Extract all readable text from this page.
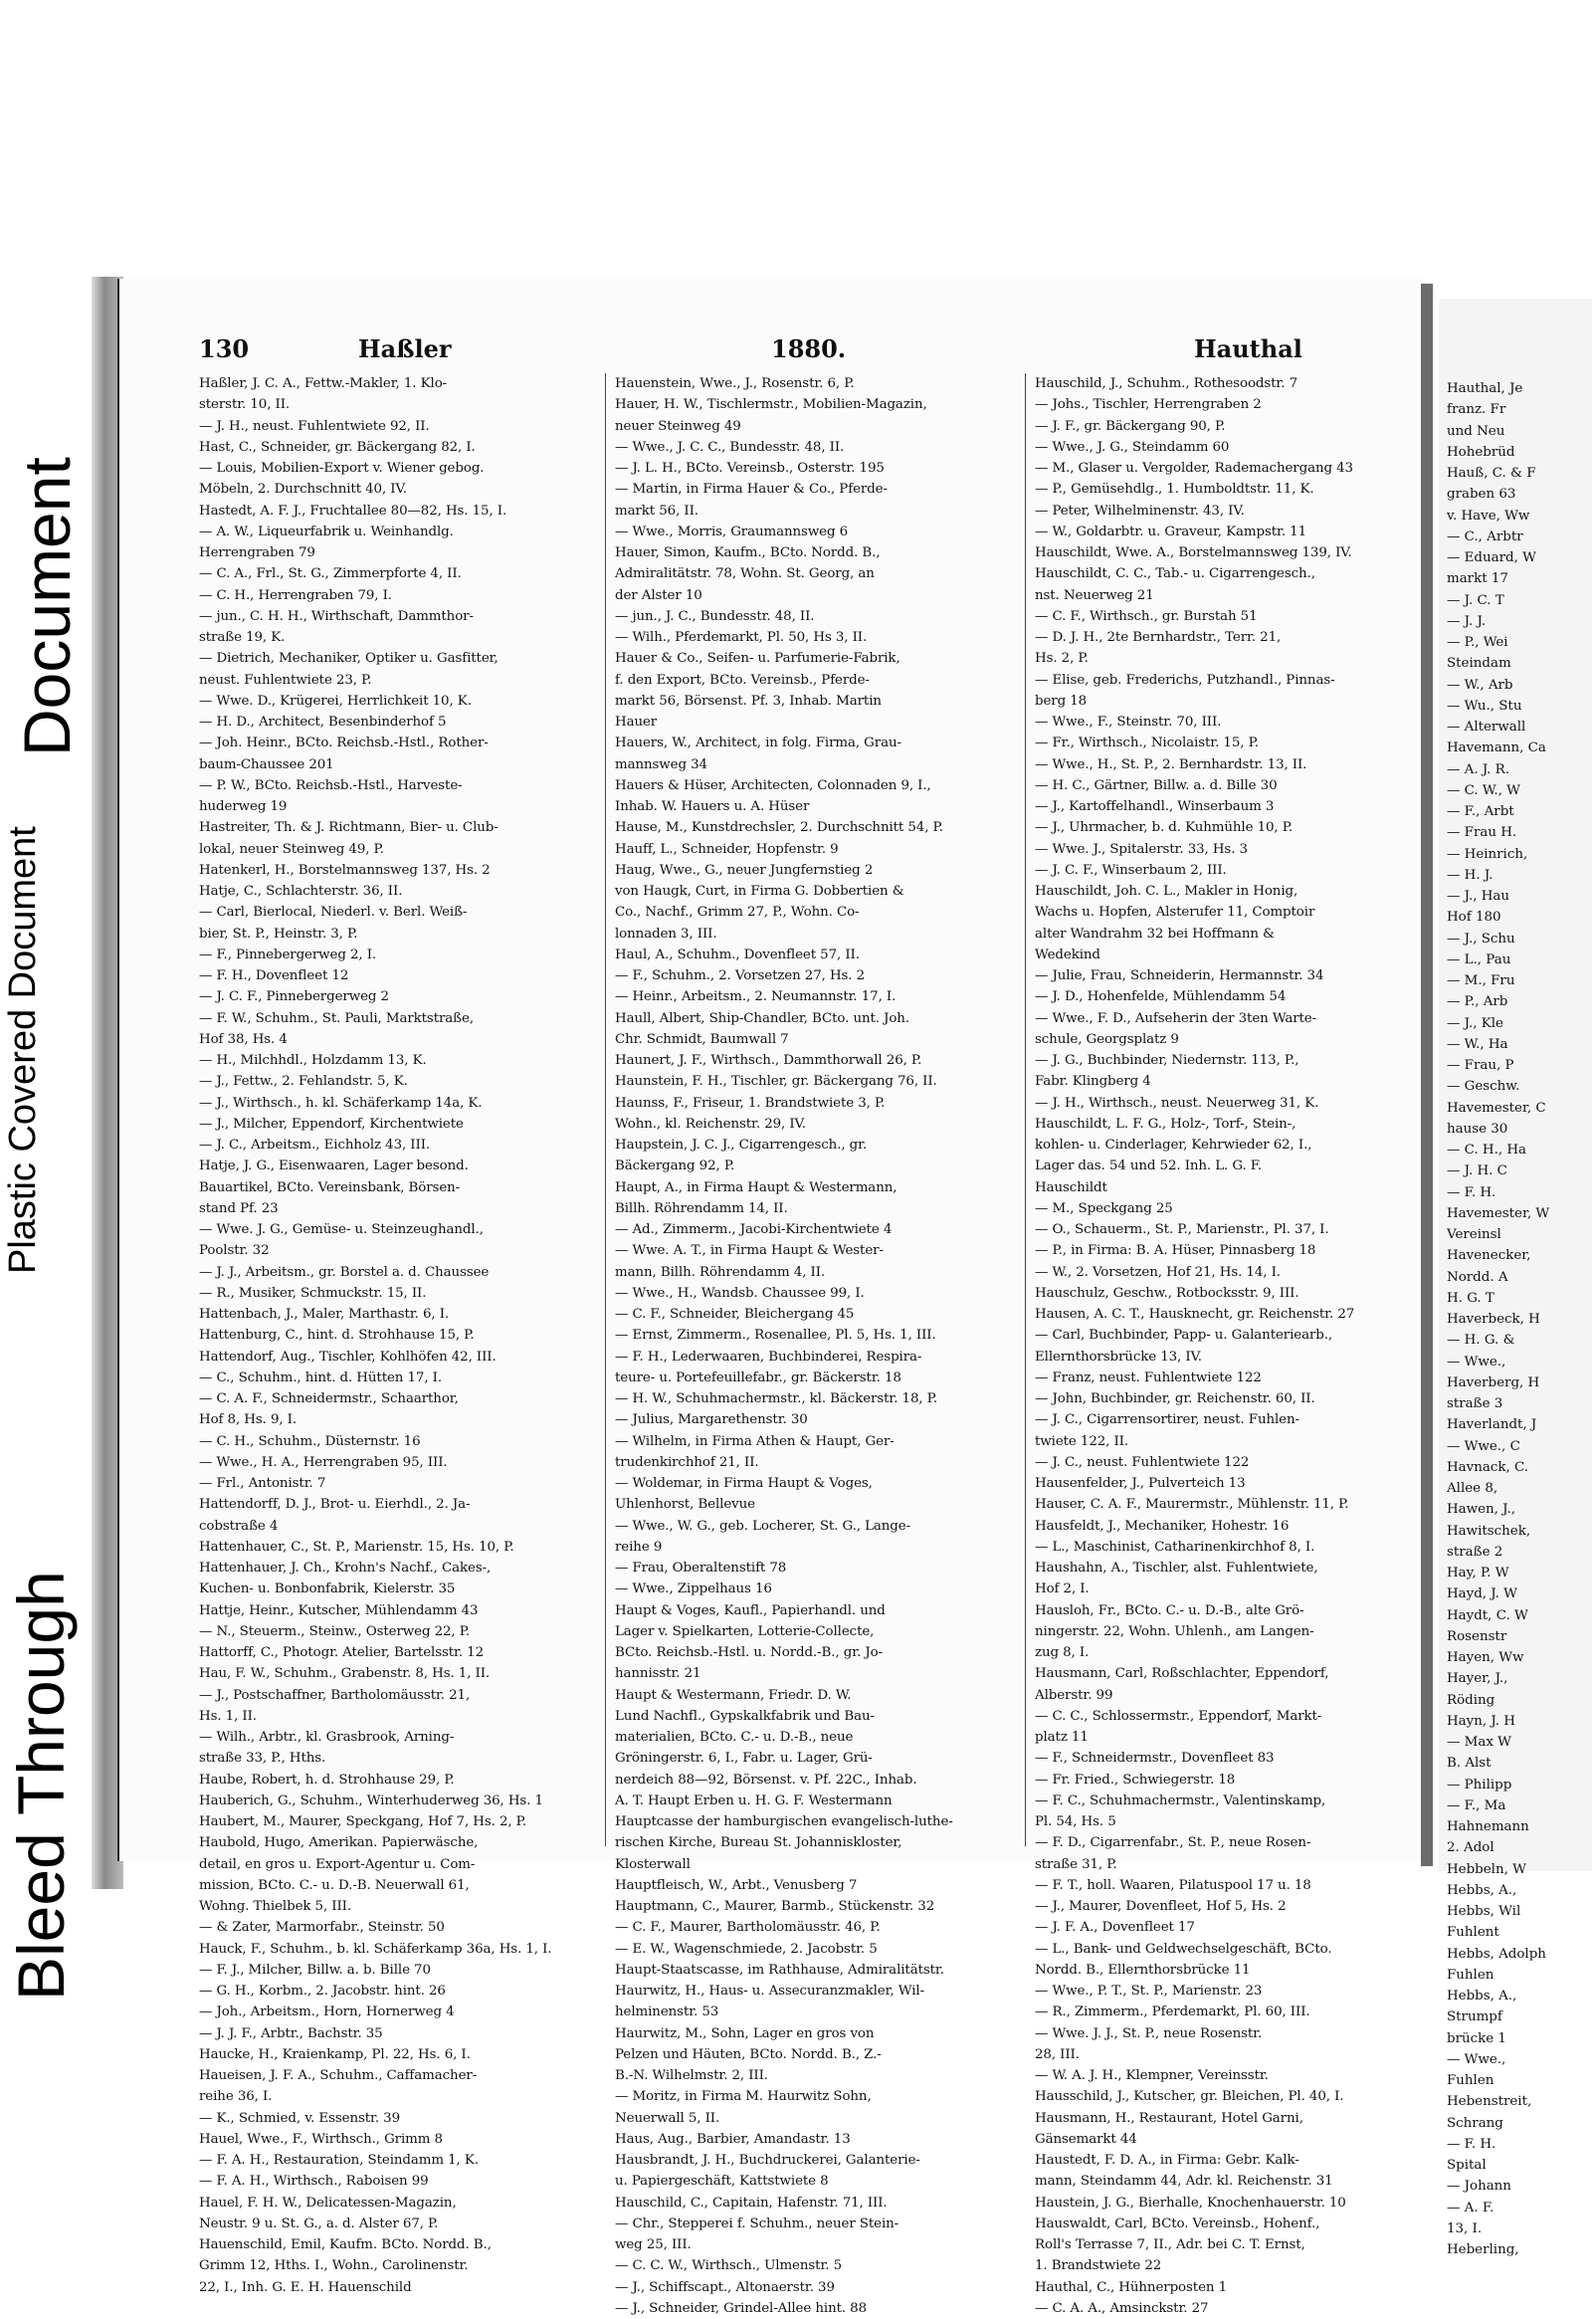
Document
Plastic Covered Document
Bleed Through
130	Haßler	1880.	Hauthal
Haßler, J. C. A., Fettw.-Makler, 1. Klo-
sterstr. 10, II.
— J. H., neust. Fuhlentwiete 92, II.
Hast, C., Schneider, gr. Bäckergang 82, I.
— Louis, Mobilien-Export v. Wiener gebog.
Möbeln, 2. Durchschnitt 40, IV.
Hastedt, A. F. J., Fruchtallee 80—82, Hs. 15, I.
— A. W., Liqueurfabrik u. Weinhandlg.
Herrengraben 79
— C. A., Frl., St. G., Zimmerpforte 4, II.
— C. H., Herrengraben 79, I.
— jun., C. H. H., Wirthschaft, Dammthor-
straße 19, K.
— Dietrich, Mechaniker, Optiker u. Gasfitter,
neust. Fuhlentwiete 23, P.
— Wwe. D., Krügerei, Herrlichkeit 10, K.
— H. D., Architect, Besenbinderhof 5
— Joh. Heinr., BCto. Reichsb.-Hstl., Rother-
baum-Chaussee 201
— P. W., BCto. Reichsb.-Hstl., Harveste-
huderweg 19
Hastreiter, Th. & J. Richtmann, Bier- u. Club-
lokal, neuer Steinweg 49, P.
Hatenkerl, H., Borstelmannsweg 137, Hs. 2
Hatje, C., Schlachterstr. 36, II.
— Carl, Bierlocal, Niederl. v. Berl. Weiß-
bier, St. P., Heinstr. 3, P.
— F., Pinnebergerweg 2, I.
— F. H., Dovenfleet 12
— J. C. F., Pinnebergerweg 2
— F. W., Schuhm., St. Pauli, Marktstraße,
Hof 38, Hs. 4
— H., Milchhdl., Holzdamm 13, K.
— J., Fettw., 2. Fehlandstr. 5, K.
— J., Wirthsch., h. kl. Schäferkamp 14a, K.
— J., Milcher, Eppendorf, Kirchentwiete
— J. C., Arbeitsm., Eichholz 43, III.
Hatje, J. G., Eisenwaaren, Lager besond.
Bauartikel, BCto. Vereinsbank, Börsen-
stand Pf. 23
— Wwe. J. G., Gemüse- u. Steinzeughandl.,
Poolstr. 32
— J. J., Arbeitsm., gr. Borstel a. d. Chaussee
— R., Musiker, Schmuckstr. 15, II.
Hattenbach, J., Maler, Marthastr. 6, I.
Hattenburg, C., hint. d. Strohhause 15, P.
Hattendorf, Aug., Tischler, Kohlhöfen 42, III.
— C., Schuhm., hint. d. Hütten 17, I.
— C. A. F., Schneidermstr., Schaarthor,
Hof 8, Hs. 9, I.
— C. H., Schuhm., Düsternstr. 16
— Wwe., H. A., Herrengraben 95, III.
— Frl., Antonistr. 7
Hattendorff, D. J., Brot- u. Eierhdl., 2. Ja-
cobstraße 4
Hattenhauer, C., St. P., Marienstr. 15, Hs. 10, P.
Hattenhauer, J. Ch., Krohn's Nachf., Cakes-,
Kuchen- u. Bonbonfabrik, Kielerstr. 35
Hattje, Heinr., Kutscher, Mühlendamm 43
— N., Steuerm., Steinw., Osterweg 22, P.
Hattorff, C., Photogr. Atelier, Bartelsstr. 12
Hau, F. W., Schuhm., Grabenstr. 8, Hs. 1, II.
— J., Postschaffner, Bartholomäusstr. 21,
Hs. 1, II.
— Wilh., Arbtr., kl. Grasbrook, Arning-
straße 33, P., Hths.
Haube, Robert, h. d. Strohhause 29, P.
Hauberich, G., Schuhm., Winterhuderweg 36, Hs. 1
Haubert, M., Maurer, Speckgang, Hof 7, Hs. 2, P.
Haubold, Hugo, Amerikan. Papierwäsche,
detail, en gros u. Export-Agentur u. Com-
mission, BCto. C.- u. D.-B. Neuerwall 61,
Wohng. Thielbek 5, III.
— & Zater, Marmorfabr., Steinstr. 50
Hauck, F., Schuhm., b. kl. Schäferkamp 36a, Hs. 1, I.
— F. J., Milcher, Billw. a. b. Bille 70
— G. H., Korbm., 2. Jacobstr. hint. 26
— Joh., Arbeitsm., Horn, Hornerweg 4
— J. J. F., Arbtr., Bachstr. 35
Haucke, H., Kraienkamp, Pl. 22, Hs. 6, I.
Haueisen, J. F. A., Schuhm., Caffamacher-
reihe 36, I.
— K., Schmied, v. Essenstr. 39
Hauel, Wwe., F., Wirthsch., Grimm 8
— F. A. H., Restauration, Steindamm 1, K.
— F. A. H., Wirthsch., Raboisen 99
Hauel, F. H. W., Delicatessen-Magazin,
Neustr. 9 u. St. G., a. d. Alster 67, P.
Hauenschild, Emil, Kaufm. BCto. Nordd. B.,
Grimm 12, Hths. I., Wohn., Carolinenstr.
22, I., Inh. G. E. H. Hauenschild
Hauenstein, Wwe., J., Rosenstr. 6, P.
Hauer, H. W., Tischlermstr., Mobilien-Magazin,
neuer Steinweg 49
— Wwe., J. C. C., Bundesstr. 48, II.
— J. L. H., BCto. Vereinsb., Osterstr. 195
— Martin, in Firma Hauer & Co., Pferde-
markt 56, II.
— Wwe., Morris, Graumannsweg 6
Hauer, Simon, Kaufm., BCto. Nordd. B.,
Admiralitätstr. 78, Wohn. St. Georg, an
der Alster 10
— jun., J. C., Bundesstr. 48, II.
— Wilh., Pferdemarkt, Pl. 50, Hs 3, II.
Hauer & Co., Seifen- u. Parfumerie-Fabrik,
f. den Export, BCto. Vereinsb., Pferde-
markt 56, Börsenst. Pf. 3, Inhab. Martin
Hauer
Hauers, W., Architect, in folg. Firma, Grau-
mannsweg 34
Hauers & Hüser, Architecten, Colonnaden 9, I.,
Inhab. W. Hauers u. A. Hüser
Hause, M., Kunstdrechsler, 2. Durchschnitt 54, P.
Hauff, L., Schneider, Hopfenstr. 9
Haug, Wwe., G., neuer Jungfernstieg 2
von Haugk, Curt, in Firma G. Dobbertien &
Co., Nachf., Grimm 27, P., Wohn. Co-
lonnaden 3, III.
Haul, A., Schuhm., Dovenfleet 57, II.
— F., Schuhm., 2. Vorsetzen 27, Hs. 2
— Heinr., Arbeitsm., 2. Neumannstr. 17, I.
Haull, Albert, Ship-Chandler, BCto. unt. Joh.
Chr. Schmidt, Baumwall 7
Haunert, J. F., Wirthsch., Dammthorwall 26, P.
Haunstein, F. H., Tischler, gr. Bäckergang 76, II.
Haunss, F., Friseur, 1. Brandstwiete 3, P.
Wohn., kl. Reichenstr. 29, IV.
Haupstein, J. C. J., Cigarrengesch., gr.
Bäckergang 92, P.
Haupt, A., in Firma Haupt & Westermann,
Billh. Röhrendamm 14, II.
— Ad., Zimmerm., Jacobi-Kirchentwiete 4
— Wwe. A. T., in Firma Haupt & Wester-
mann, Billh. Röhrendamm 4, II.
— Wwe., H., Wandsb. Chaussee 99, I.
— C. F., Schneider, Bleichergang 45
— Ernst, Zimmerm., Rosenallee, Pl. 5, Hs. 1, III.
— F. H., Lederwaaren, Buchbinderei, Respira-
teure- u. Portefeuillefabr., gr. Bäckerstr. 18
— H. W., Schuhmachermstr., kl. Bäckerstr. 18, P.
— Julius, Margarethenstr. 30
— Wilhelm, in Firma Athen & Haupt, Ger-
trudenkirchhof 21, II.
— Woldemar, in Firma Haupt & Voges,
Uhlenhorst, Bellevue
— Wwe., W. G., geb. Locherer, St. G., Lange-
reihe 9
— Frau, Oberaltenstift 78
— Wwe., Zippelhaus 16
Haupt & Voges, Kaufl., Papierhandl. und
Lager v. Spielkarten, Lotterie-Collecte,
BCto. Reichsb.-Hstl. u. Nordd.-B., gr. Jo-
hannisstr. 21
Haupt & Westermann, Friedr. D. W.
Lund Nachfl., Gypskalkfabrik und Bau-
materialien, BCto. C.- u. D.-B., neue
Gröningerstr. 6, I., Fabr. u. Lager, Grü-
nerdeich 88—92, Börsenst. v. Pf. 22C., Inhab.
A. T. Haupt Erben u. H. G. F. Westermann
Hauptcasse der hamburgischen evangelisch-luthe-
rischen Kirche, Bureau St. Johanniskloster,
Klosterwall
Hauptfleisch, W., Arbt., Venusberg 7
Hauptmann, C., Maurer, Barmb., Stückenstr. 32
— C. F., Maurer, Bartholomäusstr. 46, P.
— E. W., Wagenschmiede, 2. Jacobstr. 5
Haupt-Staatscasse, im Rathhause, Admiralitätstr.
Haurwitz, H., Haus- u. Assecuranzmakler, Wil-
helminenstr. 53
Haurwitz, M., Sohn, Lager en gros von
Pelzen und Häuten, BCto. Nordd. B., Z.-
B.-N. Wilhelmstr. 2, III.
— Moritz, in Firma M. Haurwitz Sohn,
Neuerwall 5, II.
Haus, Aug., Barbier, Amandastr. 13
Hausbrandt, J. H., Buchdruckerei, Galanterie-
u. Papiergeschäft, Kattstwiete 8
Hauschild, C., Capitain, Hafenstr. 71, III.
— Chr., Stepperei f. Schuhm., neuer Stein-
weg 25, III.
— C. C. W., Wirthsch., Ulmenstr. 5
— J., Schiffscapt., Altonaerstr. 39
— J., Schneider, Grindel-Allee hint. 88
Hauschild, J., Schuhm., Rothesoodstr. 7
— Johs., Tischler, Herrengraben 2
— J. F., gr. Bäckergang 90, P.
— Wwe., J. G., Steindamm 60
— M., Glaser u. Vergolder, Rademachergang 43
— P., Gemüsehdlg., 1. Humboldtstr. 11, K.
— Peter, Wilhelminenstr. 43, IV.
— W., Goldarbtr. u. Graveur, Kampstr. 11
Hauschildt, Wwe. A., Borstelmannsweg 139, IV.
Hauschildt, C. C., Tab.- u. Cigarrengesch.,
nst. Neuerweg 21
— C. F., Wirthsch., gr. Burstah 51
— D. J. H., 2te Bernhardstr., Terr. 21,
Hs. 2, P.
— Elise, geb. Frederichs, Putzhandl., Pinnas-
berg 18
— Wwe., F., Steinstr. 70, III.
— Fr., Wirthsch., Nicolaistr. 15, P.
— Wwe., H., St. P., 2. Bernhardstr. 13, II.
— H. C., Gärtner, Billw. a. d. Bille 30
— J., Kartoffelhandl., Winserbaum 3
— J., Uhrmacher, b. d. Kuhmühle 10, P.
— Wwe. J., Spitalerstr. 33, Hs. 3
— J. C. F., Winserbaum 2, III.
Hauschildt, Joh. C. L., Makler in Honig,
Wachs u. Hopfen, Alsterufer 11, Comptoir
alter Wandrahm 32 bei Hoffmann &
Wedekind
— Julie, Frau, Schneiderin, Hermannstr. 34
— J. D., Hohenfelde, Mühlendamm 54
— Wwe., F. D., Aufseherin der 3ten Warte-
schule, Georgsplatz 9
— J. G., Buchbinder, Niedernstr. 113, P.,
Fabr. Klingberg 4
— J. H., Wirthsch., neust. Neuerweg 31, K.
Hauschildt, L. F. G., Holz-, Torf-, Stein-,
kohlen- u. Cinderlager, Kehrwieder 62, I.,
Lager das. 54 und 52. Inh. L. G. F.
Hauschildt
— M., Speckgang 25
— O., Schauerm., St. P., Marienstr., Pl. 37, I.
— P., in Firma: B. A. Hüser, Pinnasberg 18
— W., 2. Vorsetzen, Hof 21, Hs. 14, I.
Hauschulz, Geschw., Rotbocksstr. 9, III.
Hausen, A. C. T., Hausknecht, gr. Reichenstr. 27
— Carl, Buchbinder, Papp- u. Galanteriearb.,
Ellernthorsbrücke 13, IV.
— Franz, neust. Fuhlentwiete 122
— John, Buchbinder, gr. Reichenstr. 60, II.
— J. C., Cigarrensortirer, neust. Fuhlen-
twiete 122, II.
— J. C., neust. Fuhlentwiete 122
Hausenfelder, J., Pulverteich 13
Hauser, C. A. F., Maurermstr., Mühlenstr. 11, P.
Hausfeldt, J., Mechaniker, Hohestr. 16
— L., Maschinist, Catharinenkirchhof 8, I.
Haushahn, A., Tischler, alst. Fuhlentwiete,
Hof 2, I.
Hausloh, Fr., BCto. C.- u. D.-B., alte Grö-
ningerstr. 22, Wohn. Uhlenh., am Langen-
zug 8, I.
Hausmann, Carl, Roßschlachter, Eppendorf,
Alberstr. 99
— C. C., Schlossermstr., Eppendorf, Markt-
platz 11
— F., Schneidermstr., Dovenfleet 83
— Fr. Fried., Schwiegerstr. 18
— F. C., Schuhmachermstr., Valentinskamp,
Pl. 54, Hs. 5
— F. D., Cigarrenfabr., St. P., neue Rosen-
straße 31, P.
— F. T., holl. Waaren, Pilatuspool 17 u. 18
— J., Maurer, Dovenfleet, Hof 5, Hs. 2
— J. F. A., Dovenfleet 17
— L., Bank- und Geldwechselgeschäft, BCto.
Nordd. B., Ellernthorsbrücke 11
— Wwe., P. T., St. P., Marienstr. 23
— R., Zimmerm., Pferdemarkt, Pl. 60, III.
— Wwe. J. J., St. P., neue Rosenstr.
28, III.
— W. A. J. H., Klempner, Vereinsstr.
Hausschild, J., Kutscher, gr. Bleichen, Pl. 40, I.
Hausmann, H., Restaurant, Hotel Garni,
Gänsemarkt 44
Haustedt, F. D. A., in Firma: Gebr. Kalk-
mann, Steindamm 44, Adr. kl. Reichenstr. 31
Haustein, J. G., Bierhalle, Knochenhauerstr. 10
Hauswaldt, Carl, BCto. Vereinsb., Hohenf.,
Roll's Terrasse 7, II., Adr. bei C. T. Ernst,
1. Brandstwiete 22
Hauthal, C., Hühnerposten 1
— C. A. A., Amsinckstr. 27
Hauthal, Je
franz. Fr
und Neu
Hohebrüd
Hauß, C. & F
graben 63
v. Have, Ww
— C., Arbtr
— Eduard, W
markt 17
— J. C. T
— J. J.
— P., Wei
Steindam
— W., Arb
— Wu., Stu
— Alterwall
Havemann, Ca
— A. J. R.
— C. W., W
— F., Arbt
— Frau H.
— Heinrich,
— H. J.
— J., Hau
Hof 180
— J., Schu
— L., Pau
— M., Fru
— P., Arb
— J., Kle
— W., Ha
— Frau, P
— Geschw.
Havemester, C
hause 30
— C. H., Ha
— J. H. C
— F. H.
Havemester, W
Vereinsl
Havenecker,
Nordd. A
H. G. T
Haverbeck, H
— H. G. &
— Wwe.,
Haverberg, H
straße 3
Haverlandt, J
— Wwe., C
Havnack, C.
Allee 8,
Hawen, J.,
Hawitschek,
straße 2
Hay, P. W
Hayd, J. W
Haydt, C. W
Rosenstr
Hayen, Ww
Hayer, J.,
Röding
Hayn, J. H
— Max W
B. Alst
— Philipp
— F., Ma
Hahnemann
2. Adol
Hebbeln, W
Hebbs, A.,
Hebbs, Wil
Fuhlent
Hebbs, Adolph
Fuhlen
Hebbs, A.,
Strumpf
brücke 1
— Wwe.,
Fuhlen
Hebenstreit,
Schrang
— F. H.
Spital
— Johann
— A. F.
13, I.
Heberling,
